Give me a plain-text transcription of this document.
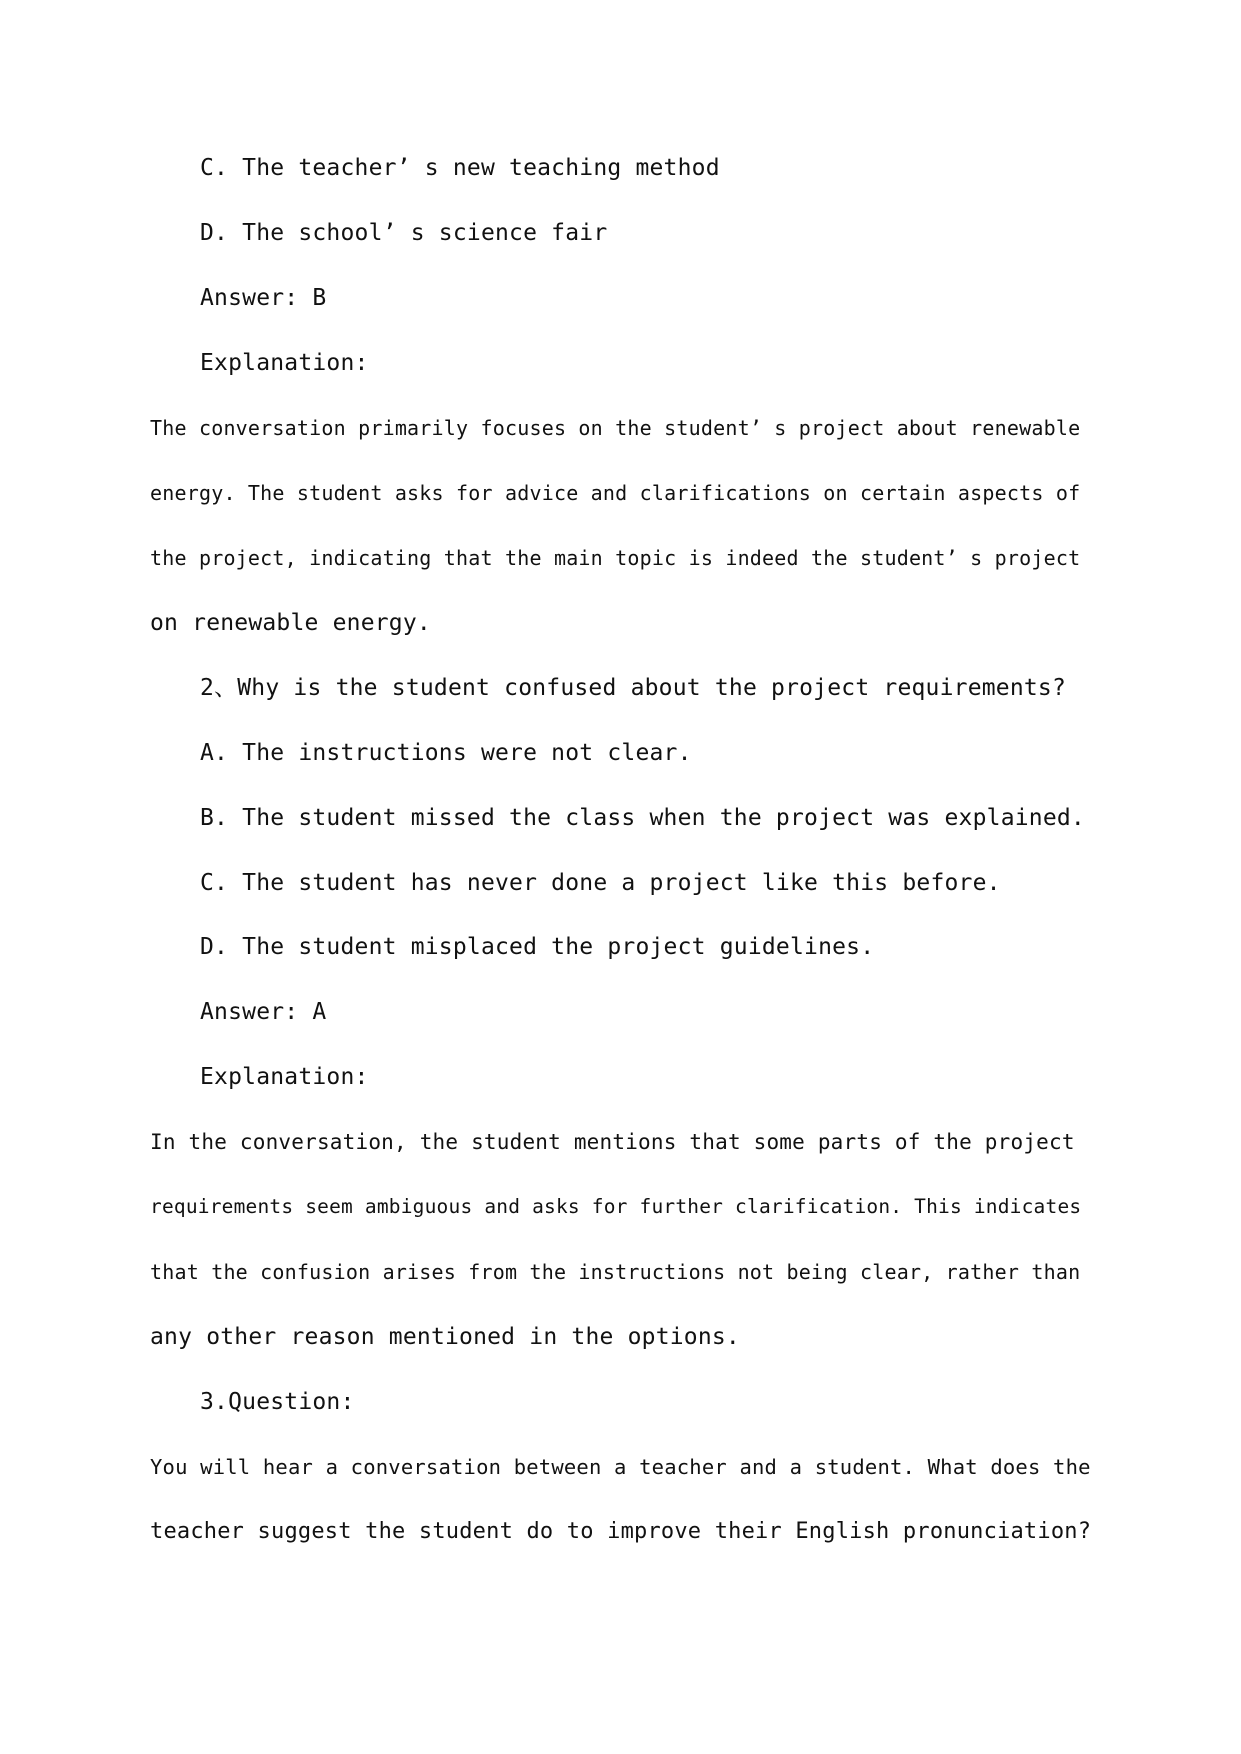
C. The teacher’ s new teaching method

D. The school’ s science fair

Answer: B

Explanation:

The conversation primarily focuses on the student’ s project about renewable

energy. The student asks for advice and clarifications on certain aspects of

the project, indicating that the main topic is indeed the student’ s project

on renewable energy.

2、Why is the student confused about the project requirements?

A. The instructions were not clear.

B. The student missed the class when the project was explained.

C. The student has never done a project like this before.

D. The student misplaced the project guidelines.

Answer: A

Explanation:

In the conversation, the student mentions that some parts of the project

requirements seem ambiguous and asks for further clarification. This indicates

that the confusion arises from the instructions not being clear, rather than

any other reason mentioned in the options.

3.Question:

You will hear a conversation between a teacher and a student. What does the

teacher suggest the student do to improve their English pronunciation?
